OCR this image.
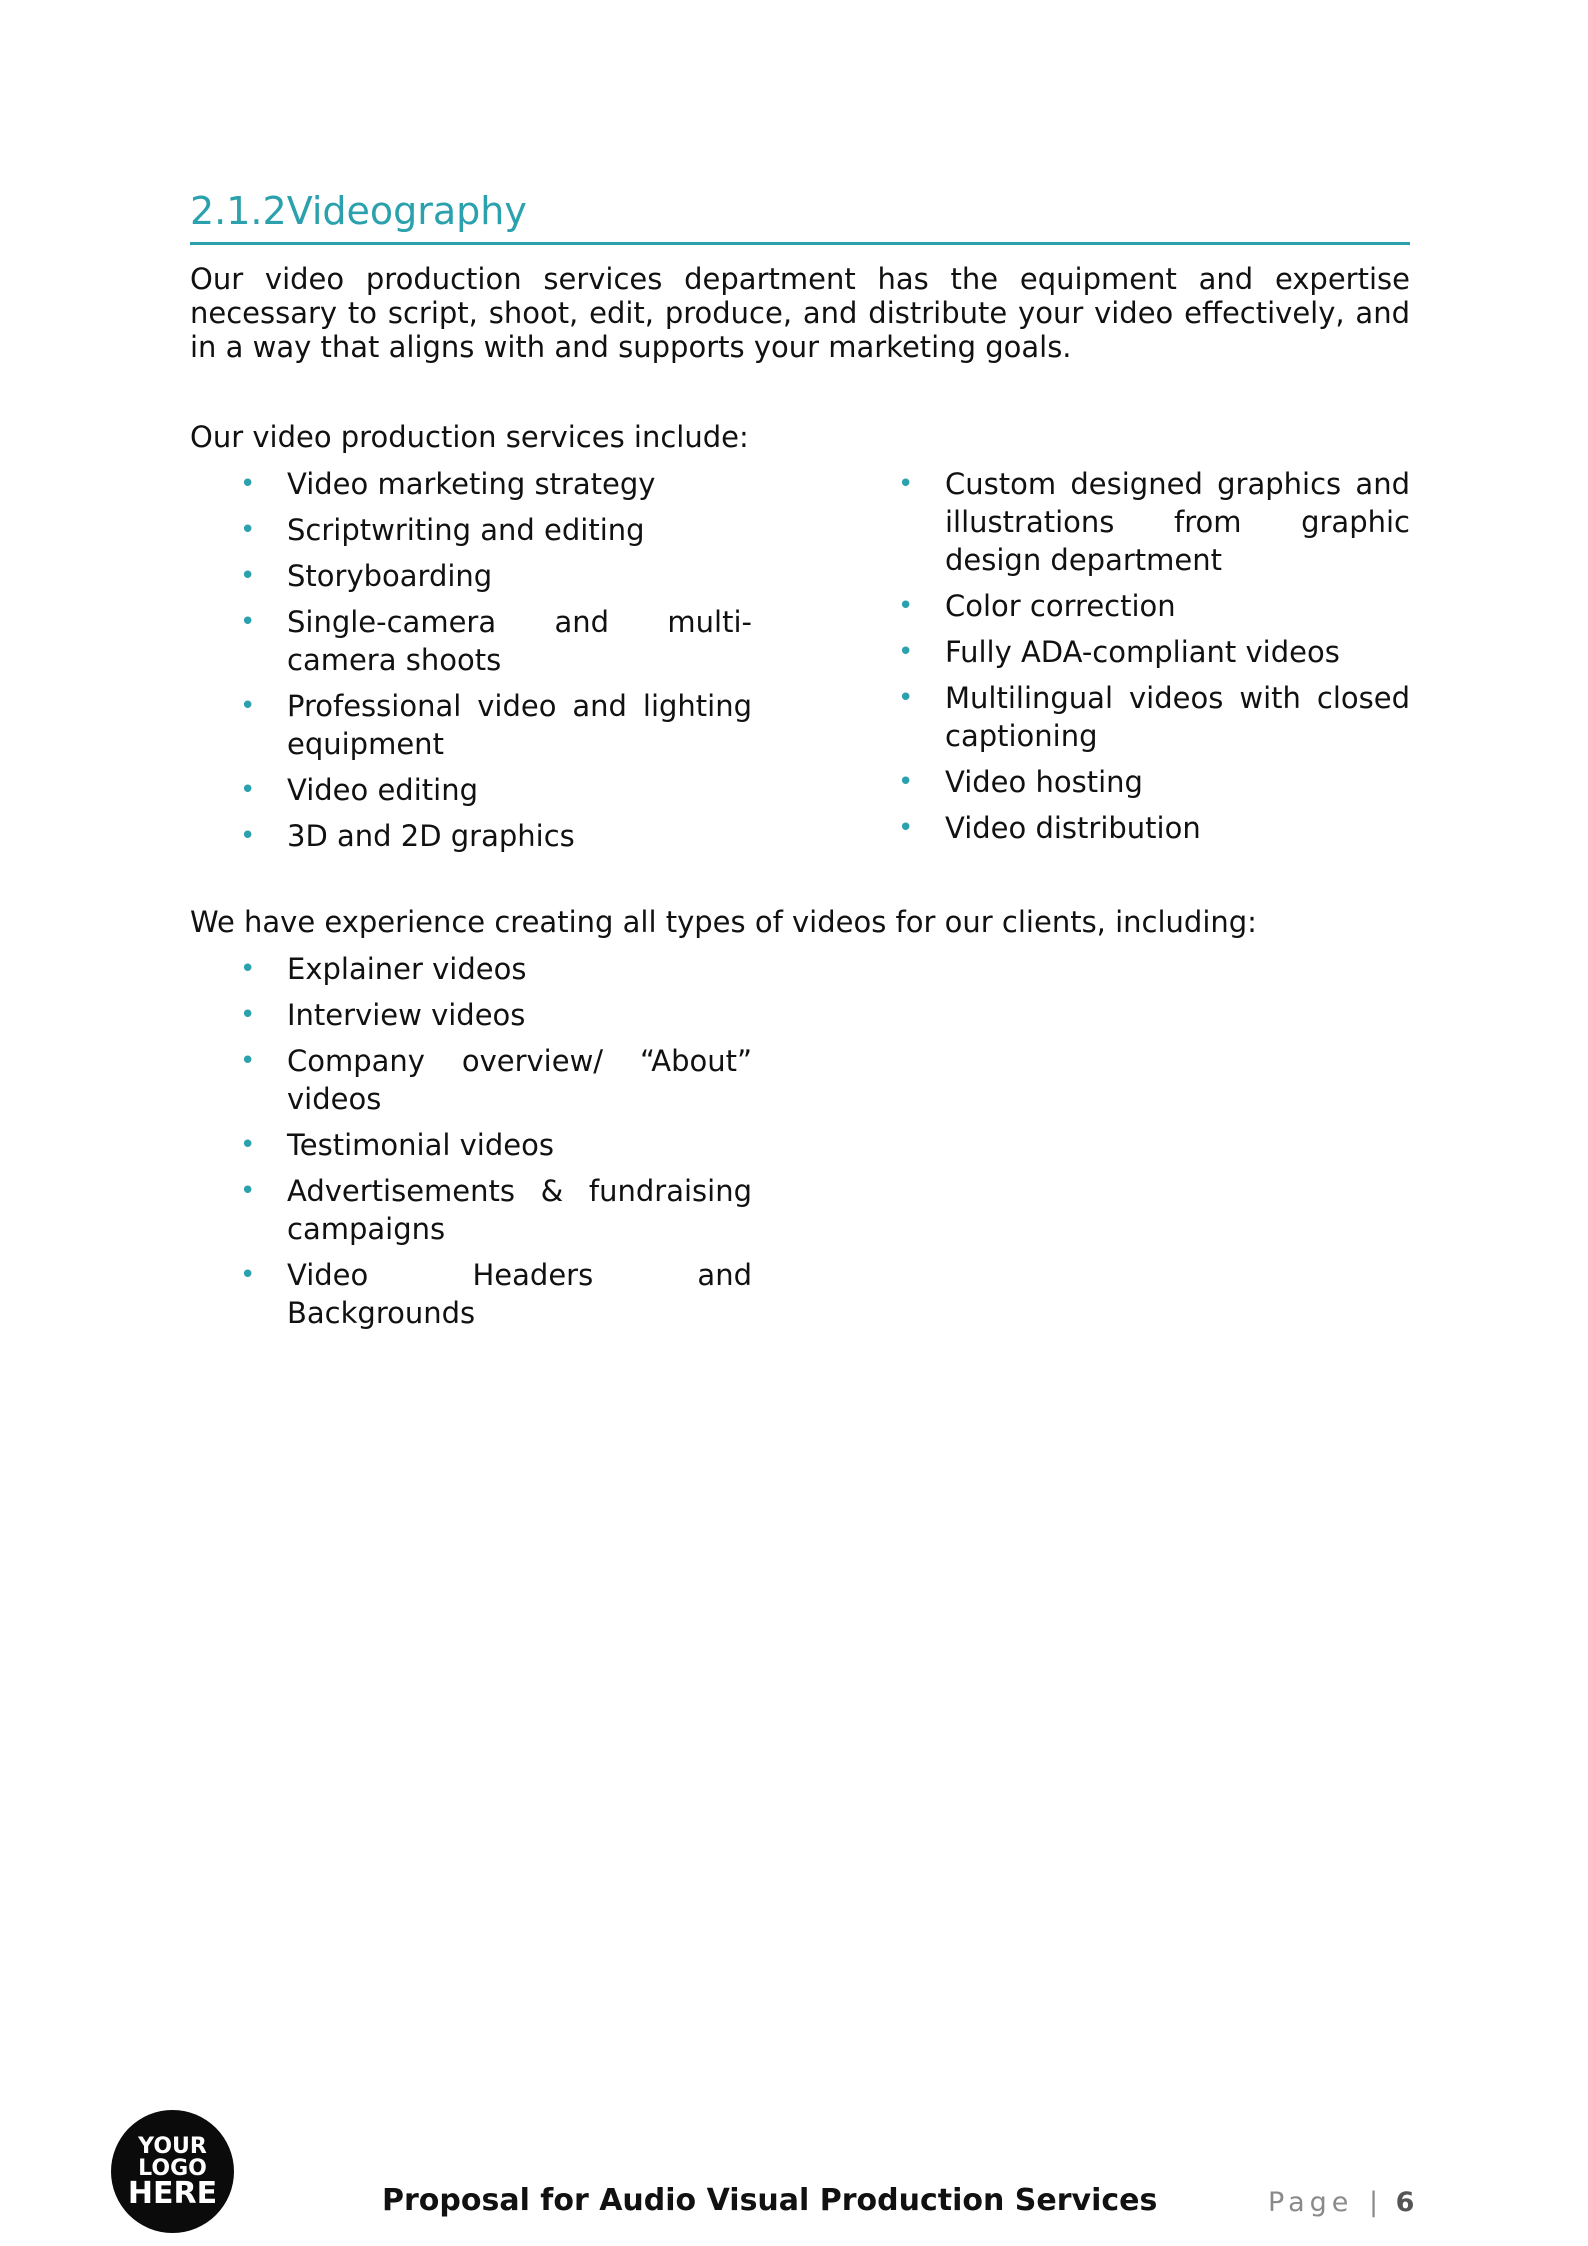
2.1.2Videography
Our video production services department has the equipment and expertise necessary to script, shoot, edit, produce, and distribute your video effectively, and in a way that aligns with and supports your marketing goals.
Our video production services include:
• Video marketing strategy
• Scriptwriting and editing
• Storyboarding
• Single-camera and multi-camera shoots
• Professional video and lighting equipment
• Video editing
• 3D and 2D graphics
• Custom designed graphics and illustrations from graphic design department
• Color correction
• Fully ADA-compliant videos
• Multilingual videos with closed captioning
• Video hosting
• Video distribution
We have experience creating all types of videos for our clients, including:
• Explainer videos
• Interview videos
• Company overview/ “About” videos
• Testimonial videos
• Advertisements & fundraising campaigns
• Video Headers and Backgrounds
YOUR
LOGO
HERE	Proposal for Audio Visual Production Services	Page | 6
